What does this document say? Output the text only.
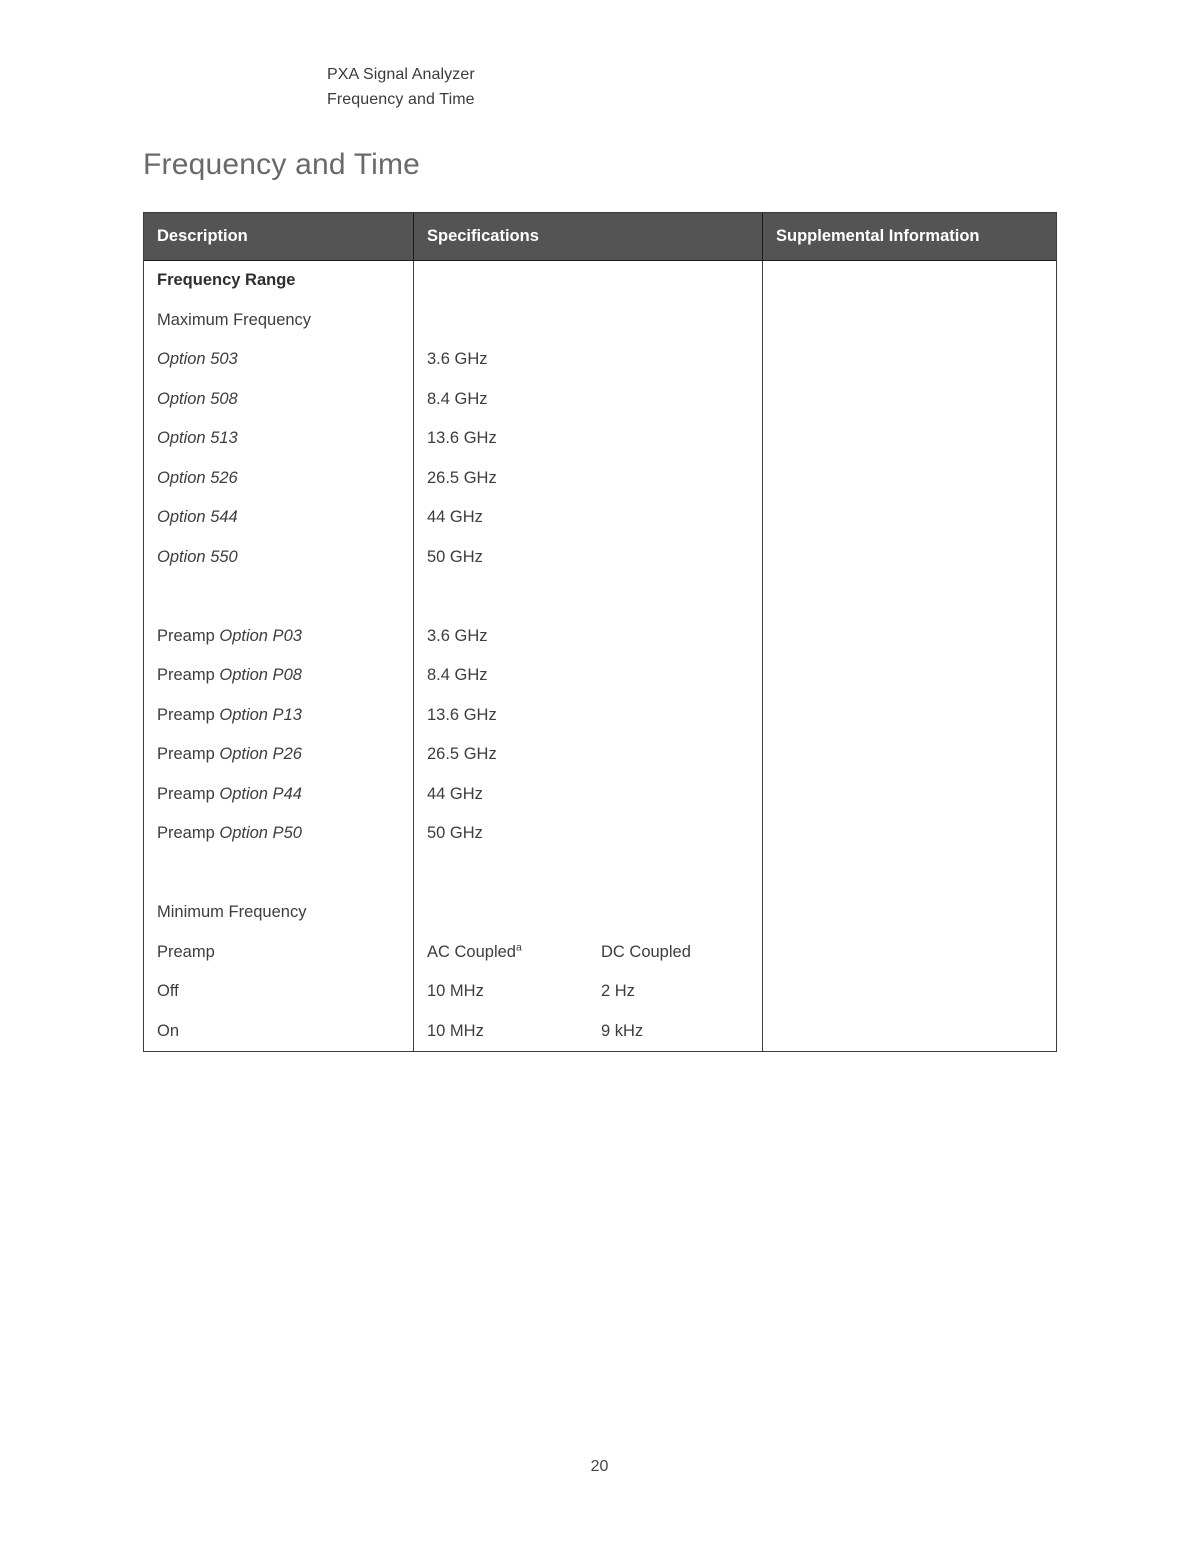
PXA Signal Analyzer
Frequency and Time
Frequency and Time
Description	Specifications	Supplemental Information
Frequency Range
Maximum Frequency
Option 503	3.6 GHz
Option 508	8.4 GHz
Option 513	13.6 GHz
Option 526	26.5 GHz
Option 544	44 GHz
Option 550	50 GHz
Preamp Option P03	3.6 GHz
Preamp Option P08	8.4 GHz
Preamp Option P13	13.6 GHz
Preamp Option P26	26.5 GHz
Preamp Option P44	44 GHz
Preamp Option P50	50 GHz
Minimum Frequency
Preamp	AC Coupled$^a$	DC Coupled
Off	10 MHz	2 Hz
On	10 MHz	9 kHz
20
